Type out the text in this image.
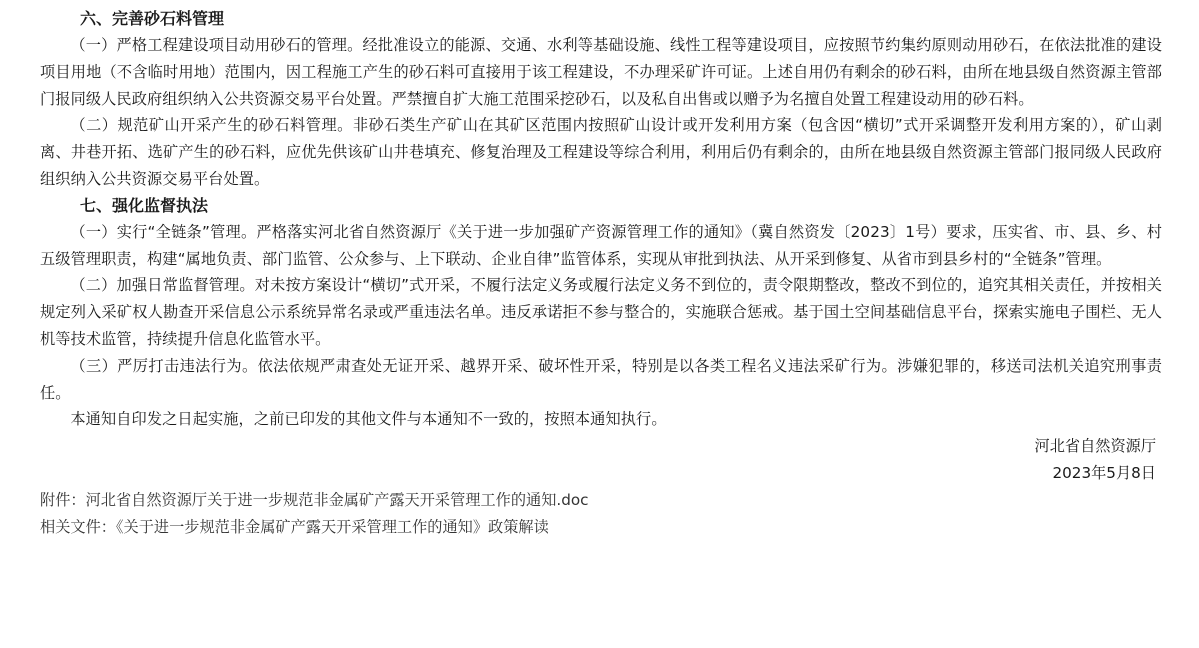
六、完善砂石料管理
（一）严格工程建设项目动用砂石的管理。经批准设立的能源、交通、水利等基础设施、线性工程等建设项目，应按照节约集约原则动用砂石，在依法批准的建设项目用地（不含临时用地）范围内，因工程施工产生的砂石料可直接用于该工程建设，不办理采矿许可证。上述自用仍有剩余的砂石料，由所在地县级自然资源主管部门报同级人民政府组织纳入公共资源交易平台处置。严禁擅自扩大施工范围采挖砂石，以及私自出售或以赠予为名擅自处置工程建设动用的砂石料。
（二）规范矿山开采产生的砂石料管理。非砂石类生产矿山在其矿区范围内按照矿山设计或开发利用方案（包含因“横切”式开采调整开发利用方案的），矿山剥离、井巷开拓、选矿产生的砂石料，应优先供该矿山井巷填充、修复治理及工程建设等综合利用，利用后仍有剩余的，由所在地县级自然资源主管部门报同级人民政府组织纳入公共资源交易平台处置。
七、强化监督执法
（一）实行“全链条”管理。严格落实河北省自然资源厅《关于进一步加强矿产资源管理工作的通知》（冀自然资发〔2023〕1号）要求，压实省、市、县、乡、村五级管理职责，构建“属地负责、部门监管、公众参与、上下联动、企业自律”监管体系，实现从审批到执法、从开采到修复、从省市到县乡村的“全链条”管理。
（二）加强日常监督管理。对未按方案设计“横切”式开采，不履行法定义务或履行法定义务不到位的，责令限期整改，整改不到位的，追究其相关责任，并按相关规定列入采矿权人勘查开采信息公示系统异常名录或严重违法名单。违反承诺拒不参与整合的，实施联合惩戒。基于国土空间基础信息平台，探索实施电子围栏、无人机等技术监管，持续提升信息化监管水平。
（三）严厉打击违法行为。依法依规严肃查处无证开采、越界开采、破坏性开采，特别是以各类工程名义违法采矿行为。涉嫌犯罪的，移送司法机关追究刑事责任。
本通知自印发之日起实施，之前已印发的其他文件与本通知不一致的，按照本通知执行。
河北省自然资源厅
2023年5月8日
附件：河北省自然资源厅关于进一步规范非金属矿产露天开采管理工作的通知.doc
相关文件：《关于进一步规范非金属矿产露天开采管理工作的通知》政策解读
